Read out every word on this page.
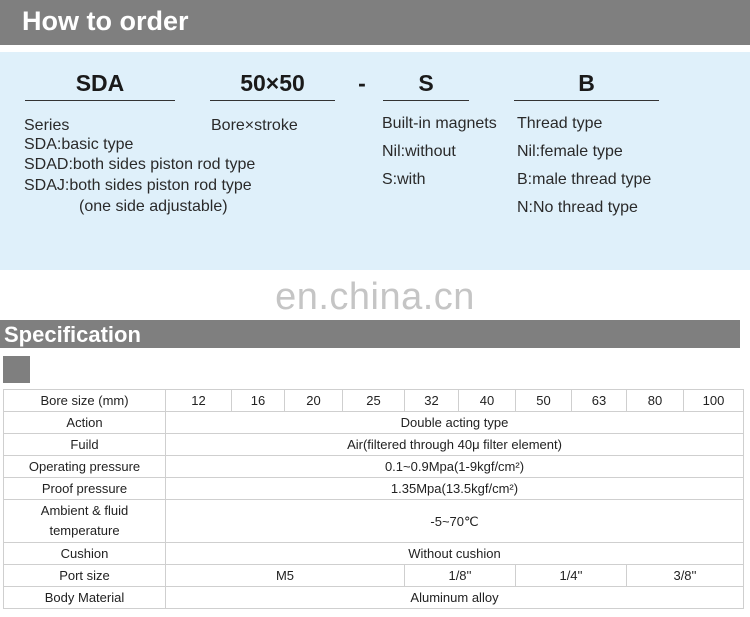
How to order
SDA	50×50	-	S	B
Series
SDA:basic type
SDAD:both sides piston rod type
SDAJ:both sides piston rod type
(one side adjustable)
Bore×stroke	Built-in magnets
Nil:without
S:with
Thread type
Nil:female type
B:male thread type
N:No thread type
en.china.cn
Specification
Bore size (mm)	12	16	20	25	32	40	50	63	80	100
Action	Double acting type									
Fuild	Air(filtered through 40μ filter element)									
Operating pressure	0.1~0.9Mpa(1-9kgf/cm²)									
Proof pressure	1.35Mpa(13.5kgf/cm²)									
Ambient & fluid temperature	-5~70℃									
Cushion	Without cushion									
Port size	M5				1/8''		1/4''		3/8''	
Body Material	Aluminum alloy									
